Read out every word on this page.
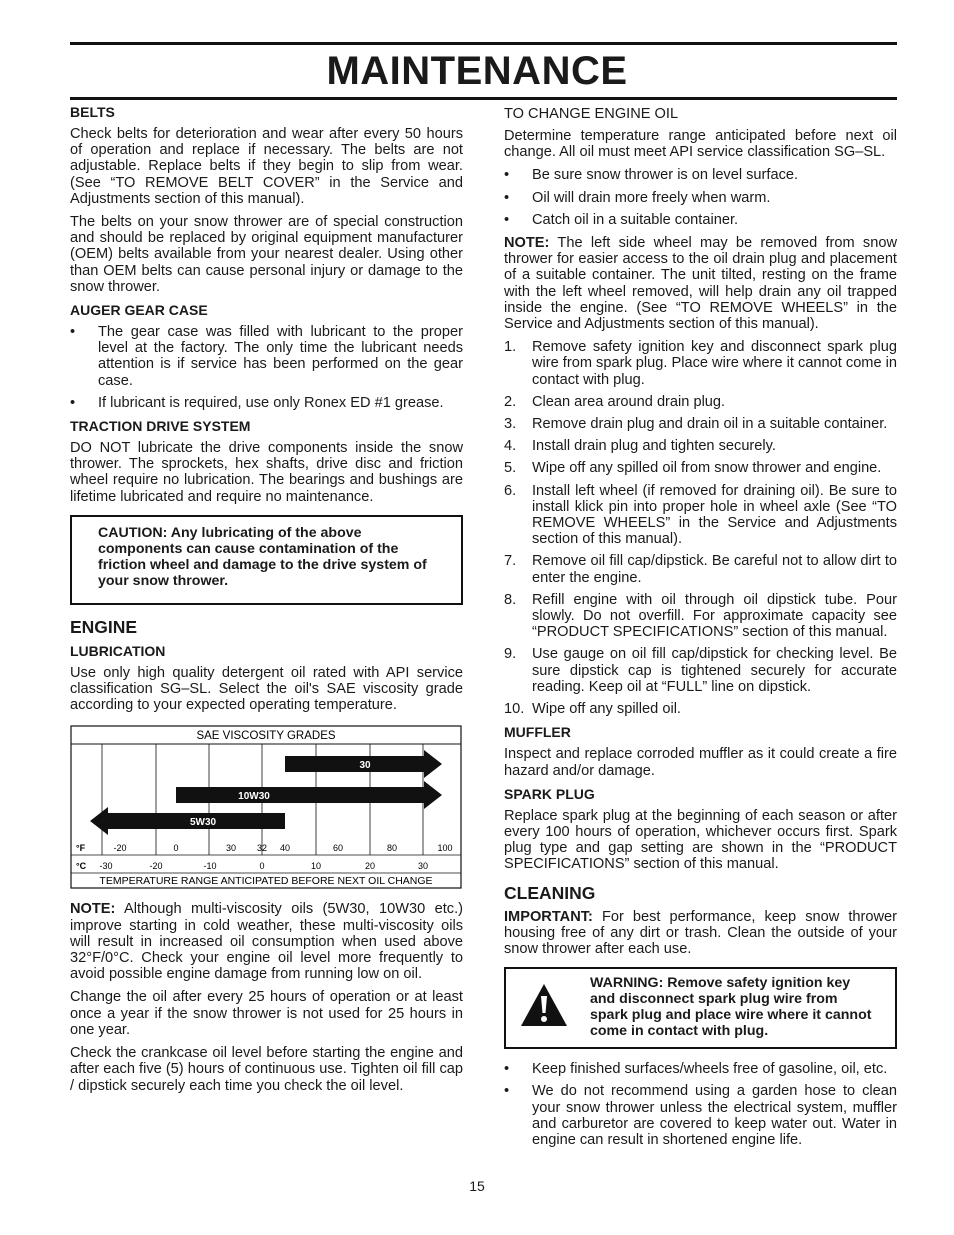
MAINTENANCE
BELTS

Check belts for deterioration and wear after every 50 hours of operation and replace if necessary. The belts are not adjustable. Replace belts if they begin to slip from wear. (See “TO REMOVE BELT COVER” in the Service and Adjustments section of this manual).

The belts on your snow thrower are of special construction and should be replaced by original equipment manufacturer (OEM) belts available from your nearest dealer. Using other than OEM belts can cause personal injury or damage to the snow thrower.

AUGER GEAR CASE
•	The gear case was filled with lubricant to the proper level at the factory. The only time the lubricant needs attention is if service has been performed on the gear case.
•	If lubricant is required, use only Ronex ED #1 grease.
TRACTION DRIVE SYSTEM

DO NOT lubricate the drive components inside the snow thrower. The sprockets, hex shafts, drive disc and friction wheel require no lubrication. The bearings and bushings are lifetime lubricated and require no maintenance.

CAUTION: Any lubricating of the above components can cause contamination of the friction wheel and damage to the drive system of your snow thrower.
ENGINE
LUBRICATION

Use only high quality detergent oil rated with API service classification SG–SL. Select the oil's SAE viscosity grade according to your expected operating temperature.

SAE VISCOSITY GRADES
30
10W30
5W30
°F
°C
-20	0	30 32 40	60	80	100
-30	-20	-10	0	10	20	30
TEMPERATURE RANGE ANTICIPATED BEFORE NEXT OIL CHANGE

NOTE: Although multi-viscosity oils (5W30, 10W30 etc.) improve starting in cold weather, these multi-viscosity oils will result in increased oil consumption when used above 32°F/0°C. Check your engine oil level more frequently to avoid possible engine damage from running low on oil.

Change the oil after every 25 hours of operation or at least once a year if the snow thrower is not used for 25 hours in one year.

Check the crankcase oil level before starting the engine and after each five (5) hours of continuous use. Tighten oil fill cap / dipstick securely each time you check the oil level.

TO CHANGE ENGINE OIL

Determine temperature range anticipated before next oil change. All oil must meet API service classification SG–SL.

•	Be sure snow thrower is on level surface.
•	Oil will drain more freely when warm.
•	Catch oil in a suitable container.

NOTE: The left side wheel may be removed from snow thrower for easier access to the oil drain plug and placement of a suitable container. The unit tilted, resting on the frame with the left wheel removed, will help drain any oil trapped inside the engine. (See “TO REMOVE WHEELS” in the Service and Adjustments section of this manual).

1.	Remove safety ignition key and disconnect spark plug wire from spark plug. Place wire where it cannot come in contact with plug.
2.	Clean area around drain plug.
3.	Remove drain plug and drain oil in a suitable container.
4.	Install drain plug and tighten securely.
5.	Wipe off any spilled oil from snow thrower and engine.
6.	Install left wheel (if removed for draining oil). Be sure to install klick pin into proper hole in wheel axle (See “TO REMOVE WHEELS” in the Service and Adjustments section of this manual).
7.	Remove oil fill cap/dipstick. Be careful not to allow dirt to enter the engine.
8.	Refill engine with oil through oil dipstick tube. Pour slowly. Do not overfill. For approximate capacity see “PRODUCT SPECIFICATIONS” section of this manual.
9.	Use gauge on oil fill cap/dipstick for checking level. Be sure dipstick cap is tightened securely for accurate reading. Keep oil at “FULL” line on dipstick.
10. Wipe off any spilled oil.
MUFFLER

Inspect and replace corroded muffler as it could create a fire hazard and/or damage.

SPARK PLUG

Replace spark plug at the beginning of each season or after every 100 hours of operation, whichever occurs first. Spark plug type and gap setting are shown in the “PRODUCT SPECIFICATIONS” section of this manual.

CLEANING

IMPORTANT: For best performance, keep snow thrower housing free of any dirt or trash. Clean the outside of your snow thrower after each use.

WARNING: Remove safety ignition key and disconnect spark plug wire from spark plug and place wire where it cannot come in contact with plug.
•	Keep finished surfaces/wheels free of gasoline, oil, etc.
•	We do not recommend using a garden hose to clean your snow thrower unless the electrical system, muffler and carburetor are covered to keep water out. Water in engine can result in shortened engine life.
15
